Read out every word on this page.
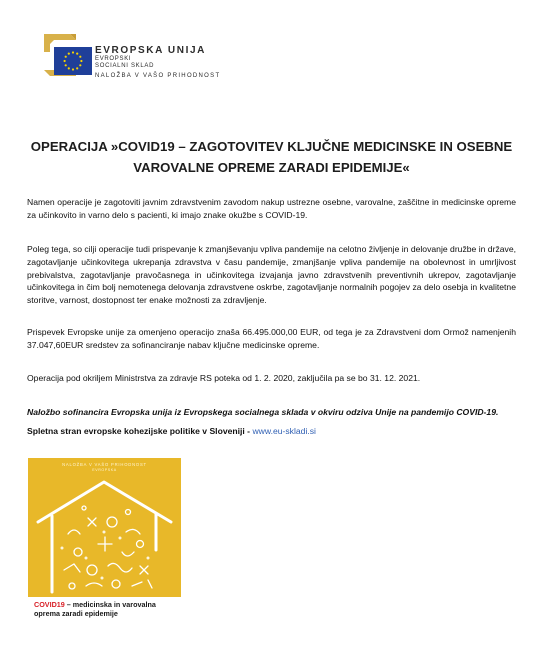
EVROPSKA UNIJA
EVROPSKI
SOCIALNI SKLAD
NALOŽBA V VAŠO PRIHODNOST
OPERACIJA »COVID19 – ZAGOTOVITEV KLJUČNE MEDICINSKE IN OSEBNE
VAROVALNE OPREME ZARADI EPIDEMIJE«
Namen operacije je zagotoviti javnim zdravstvenim zavodom nakup ustrezne osebne, varovalne, zaščitne in medicinske opreme za učinkovito in varno delo s pacienti, ki imajo znake okužbe s COVID-19.
Poleg tega, so cilji operacije tudi prispevanje k zmanjševanju vpliva pandemije na celotno življenje in delovanje družbe in države, zagotavljanje učinkovitega ukrepanja zdravstva v času pandemije, zmanjšanje vpliva pandemije na obolevnost in umrljivost prebivalstva, zagotavljanje pravočasnega in učinkovitega izvajanja javno zdravstvenih preventivnih ukrepov, zagotavljanje učinkovitega in čim bolj nemotenega delovanja zdravstvene oskrbe, zagotavljanje normalnih pogojev za delo osebja in kvalitetne storitve, varnost, dostopnost ter enake možnosti za zdravljenje.
Prispevek Evropske unije za omenjeno operacijo znaša 66.495.000,00 EUR, od tega je za Zdravstveni dom Ormož namenjenih 37.047,60EUR sredstev za sofinanciranje nabav ključne medicinske opreme.
Operacija pod okriljem Ministrstva za zdravje RS poteka od 1. 2. 2020, zaključila pa se bo 31. 12. 2021.
Naložbo sofinancira Evropska unija iz Evropskega socialnega sklada v okviru odziva Unije na pandemijo COVID-19.
Spletna stran evropske kohezijske politike v Sloveniji - www.eu-skladi.si
NALOŽBA V VAŠO PRIHODNOST
EVROPSKA
COVID19 – medicinska in varovalna
oprema zaradi epidemije
